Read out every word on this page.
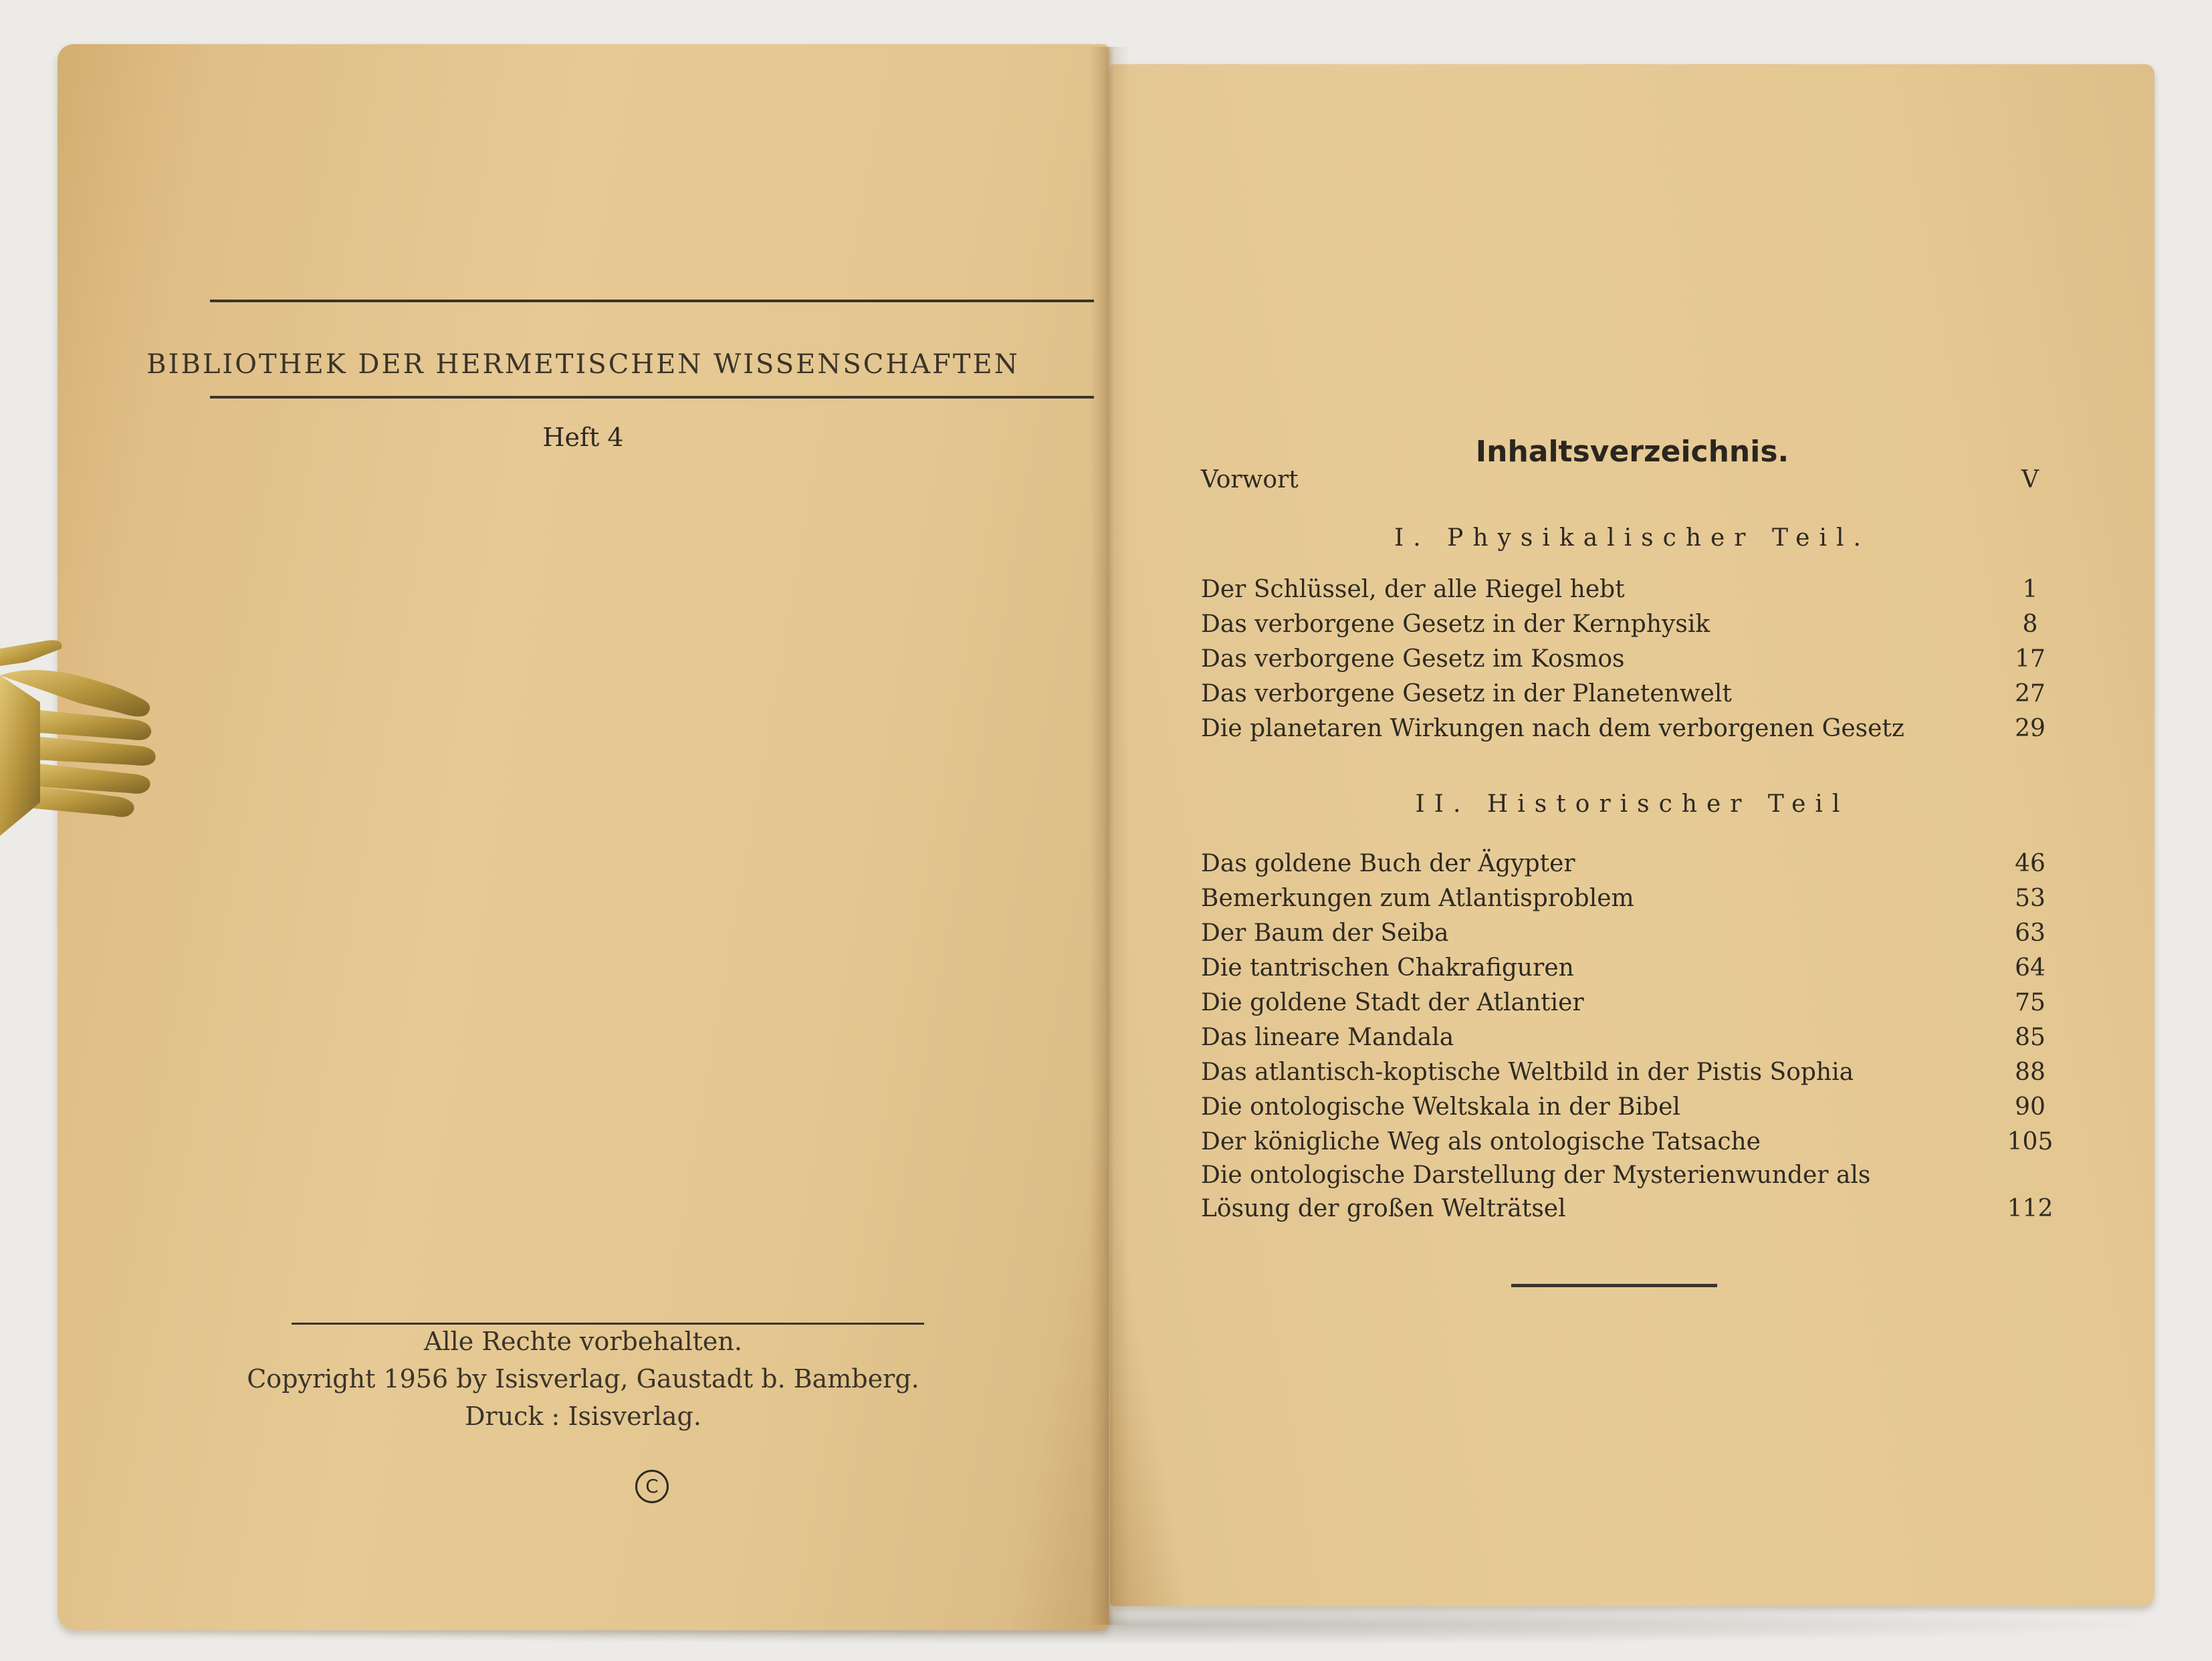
BIBLIOTHEK DER HERMETISCHEN WISSENSCHAFTEN
Heft 4
Alle Rechte vorbehalten.
Copyright 1956 by Isisverlag, Gaustadt b. Bamberg.
Druck : Isisverlag.
C
Inhaltsverzeichnis.
Vorwort	V
I. Physikalischer Teil.
Der Schlüssel, der alle Riegel hebt	1
Das verborgene Gesetz in der Kernphysik	8
Das verborgene Gesetz im Kosmos	17
Das verborgene Gesetz in der Planetenwelt	27
Die planetaren Wirkungen nach dem verborgenen Gesetz	29
II. Historischer Teil
Das goldene Buch der Ägypter	46
Bemerkungen zum Atlantisproblem	53
Der Baum der Seiba	63
Die tantrischen Chakrafiguren	64
Die goldene Stadt der Atlantier	75
Das lineare Mandala	85
Das atlantisch-koptische Weltbild in der Pistis Sophia	88
Die ontologische Weltskala in der Bibel	90
Der königliche Weg als ontologische Tatsache	105
Die ontologische Darstellung der Mysterienwunder als
Lösung der großen Welträtsel	112
